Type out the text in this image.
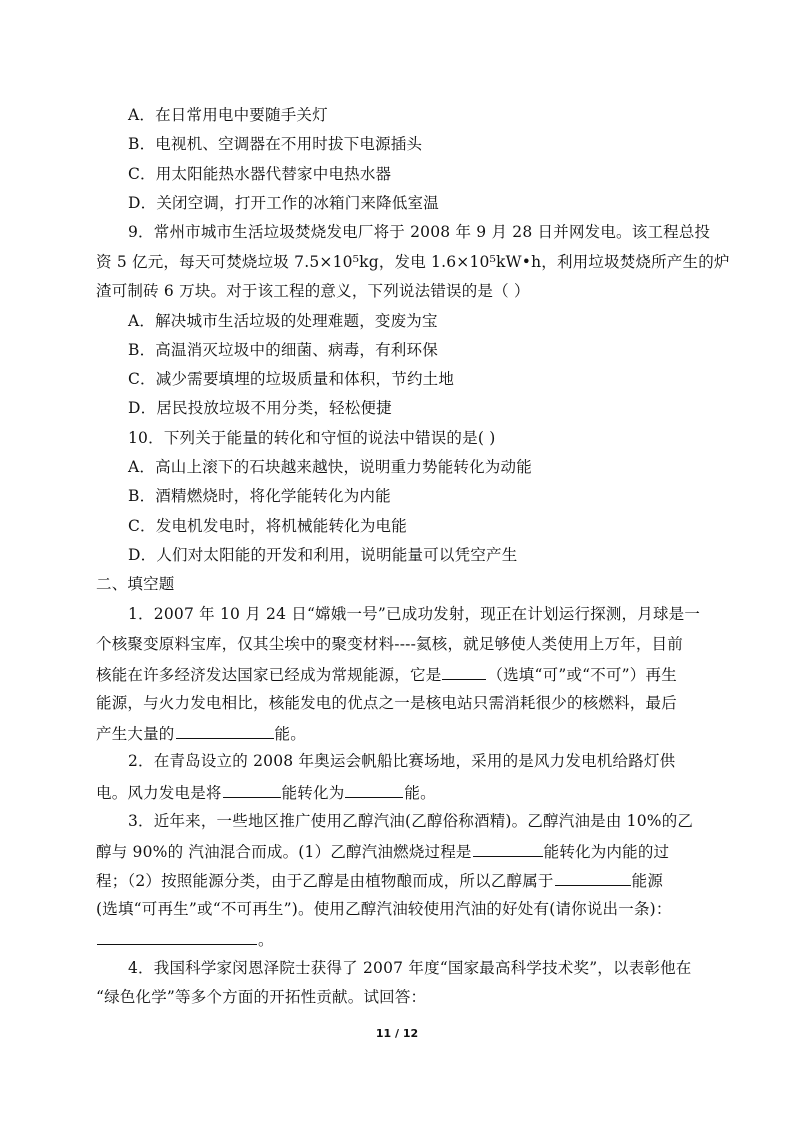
A．在日常用电中要随手关灯
B．电视机、空调器在不用时拔下电源插头
C．用太阳能热水器代替家中电热水器
D．关闭空调，打开工作的冰箱门来降低室温
9．常州市城市生活垃圾焚烧发电厂将于 2008 年 9 月 28 日并网发电。该工程总投
资 5 亿元，每天可焚烧垃圾 7.5×10⁵kg，发电 1.6×10⁵kW•h，利用垃圾焚烧所产生的炉
渣可制砖 6 万块。对于该工程的意义，下列说法错误的是（ ）
A．解决城市生活垃圾的处理难题，变废为宝
B．高温消灭垃圾中的细菌、病毒，有利环保
C．减少需要填埋的垃圾质量和体积，节约土地
D．居民投放垃圾不用分类，轻松便捷
10．下列关于能量的转化和守恒的说法中错误的是( )
A．高山上滚下的石块越来越快，说明重力势能转化为动能
B．酒精燃烧时，将化学能转化为内能
C．发电机发电时，将机械能转化为电能
D．人们对太阳能的开发和利用，说明能量可以凭空产生
二、填空题
1．2007 年 10 月 24 日“嫦娥一号”已成功发射，现正在计划运行探测，月球是一
个核聚变原料宝库，仅其尘埃中的聚变材料----氦核，就足够使人类使用上万年，目前
核能在许多经济发达国家已经成为常规能源，它是	（选填“可”或“不可”）再生
能源，与火力发电相比，核能发电的优点之一是核电站只需消耗很少的核燃料，最后
产生大量的	能。
2．在青岛设立的 2008 年奥运会帆船比赛场地，采用的是风力发电机给路灯供
电。风力发电是将	能转化为	能。
3．近年来，一些地区推广使用乙醇汽油(乙醇俗称酒精)。乙醇汽油是由 10%的乙
醇与 90%的 汽油混合而成。(1）乙醇汽油燃烧过程是	能转化为内能的过
程；（2）按照能源分类，由于乙醇是由植物酿而成，所以乙醇属于	能源
(选填“可再生”或“不可再生”)。使用乙醇汽油较使用汽油的好处有(请你说出一条)：
。
4．我国科学家闵恩泽院士获得了 2007 年度“国家最高科学技术奖”，以表彰他在
“绿色化学”等多个方面的开拓性贡献。试回答：
11 / 12
